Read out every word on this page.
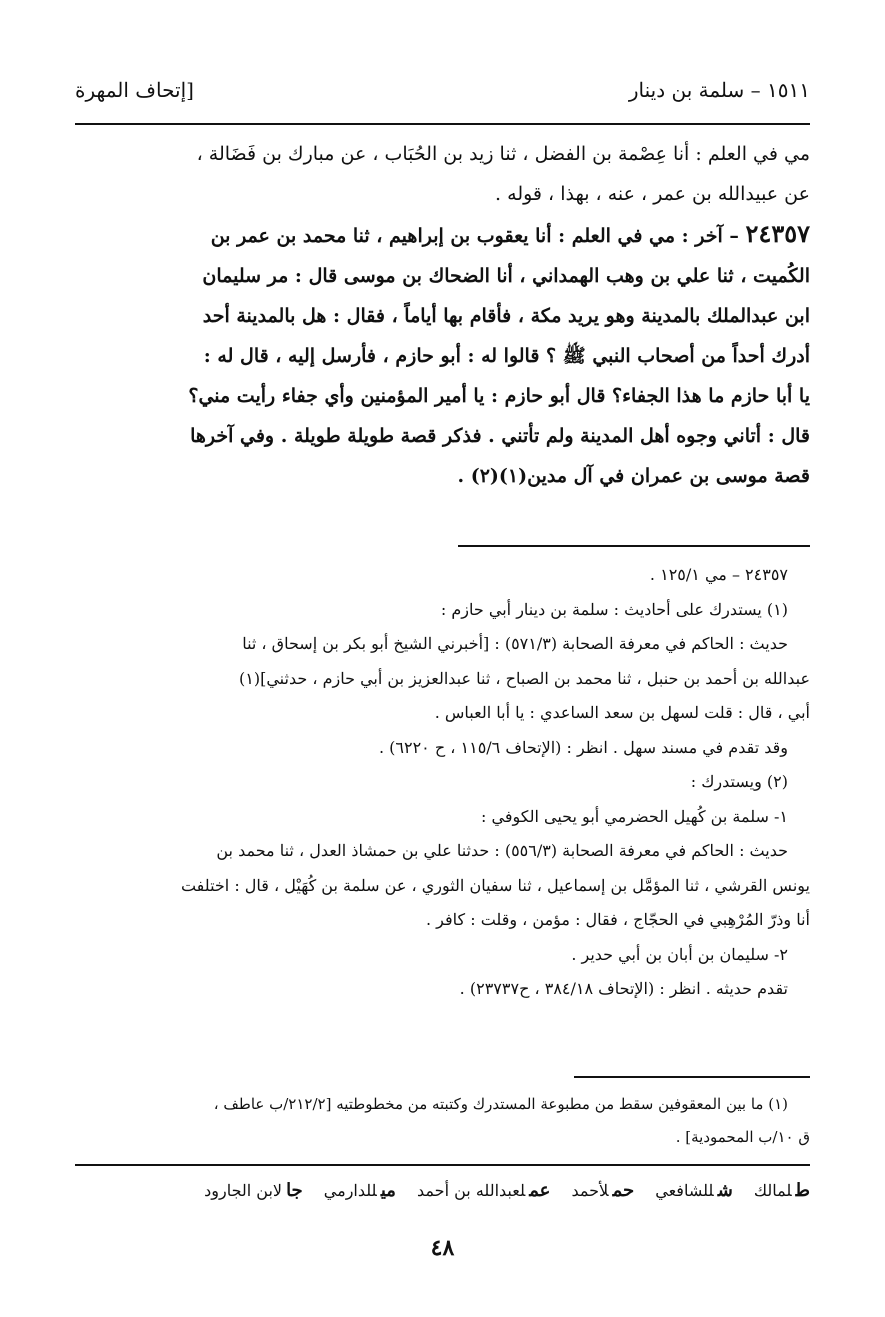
١٥١١ – سلمة بن دينار
[إتحاف المهرة

مي في العلم : أنا عِصْمة بن الفضل ، ثنا زيد بن الحُبَاب ، عن مبارك بن فَضَالة ،

عن عبيدالله بن عمر ، عنه ، بهذا ، قوله .

٢٤٣٥٧ – آخر : مي في العلم : أنا يعقوب بن إبراهيم ، ثنا محمد بن عمر بن

الكُميت ، ثنا علي بن وهب الهمداني ، أنا الضحاك بن موسى قال : مر سليمان

ابن عبدالملك بالمدينة وهو يريد مكة ، فأقام بها أياماً ، فقال : هل بالمدينة أحد

أدرك أحداً من أصحاب النبي ﷺ ؟ قالوا له : أبو حازم ، فأرسل إليه ، قال له :

يا أبا حازم ما هذا الجفاء؟ قال أبو حازم : يا أمير المؤمنين وأي جفاء رأيت مني؟

قال : أتاني وجوه أهل المدينة ولم تأتني . فذكر قصة طويلة طويلة . وفي آخرها

قصة موسى بن عمران في آل مدين(١)(٢) .

٢٤٣٥٧ – مي ١٢٥/١ .

(١) يستدرك على أحاديث : سلمة بن دينار أبي حازم :

حديث : الحاكم في معرفة الصحابة (٥٧١/٣) : [أخبرني الشيخ أبو بكر بن إسحاق ، ثنا

عبدالله بن أحمد بن حنبل ، ثنا محمد بن الصباح ، ثنا عبدالعزيز بن أبي حازم ، حدثني](١)

أبي ، قال : قلت لسهل بن سعد الساعدي : يا أبا العباس .

وقد تقدم في مسند سهل . انظر : (الإتحاف ١١٥/٦ ، ح ٦٢٢٠) .

(٢) ويستدرك :

١- سلمة بن كُهيل الحضرمي أبو يحيى الكوفي :

حديث : الحاكم في معرفة الصحابة (٥٥٦/٣) : حدثنا علي بن حمشاذ العدل ، ثنا محمد بن

يونس القرشي ، ثنا المؤمَّل بن إسماعيل ، ثنا سفيان الثوري ، عن سلمة بن كُهَيْل ، قال : اختلفت

أنا وذرّ المُرْهِبي في الحجّاج ، فقال : مؤمن ، وقلت : كافر .

٢- سليمان بن أبان بن أبي حدير .

تقدم حديثه . انظر : (الإتحاف ٣٨٤/١٨ ، ح٢٣٧٣٧) .

(١) ما بين المعقوفين سقط من مطبوعة المستدرك وكتبته من مخطوطتيه [٢١٢/٢/ب عاطف ،

ق ١٠/ب المحمودية] .

طلمالك شللشافعي حملأحمد عملعبدالله بن أحمد ميللدارمي جالابن الجارود
٤٨
